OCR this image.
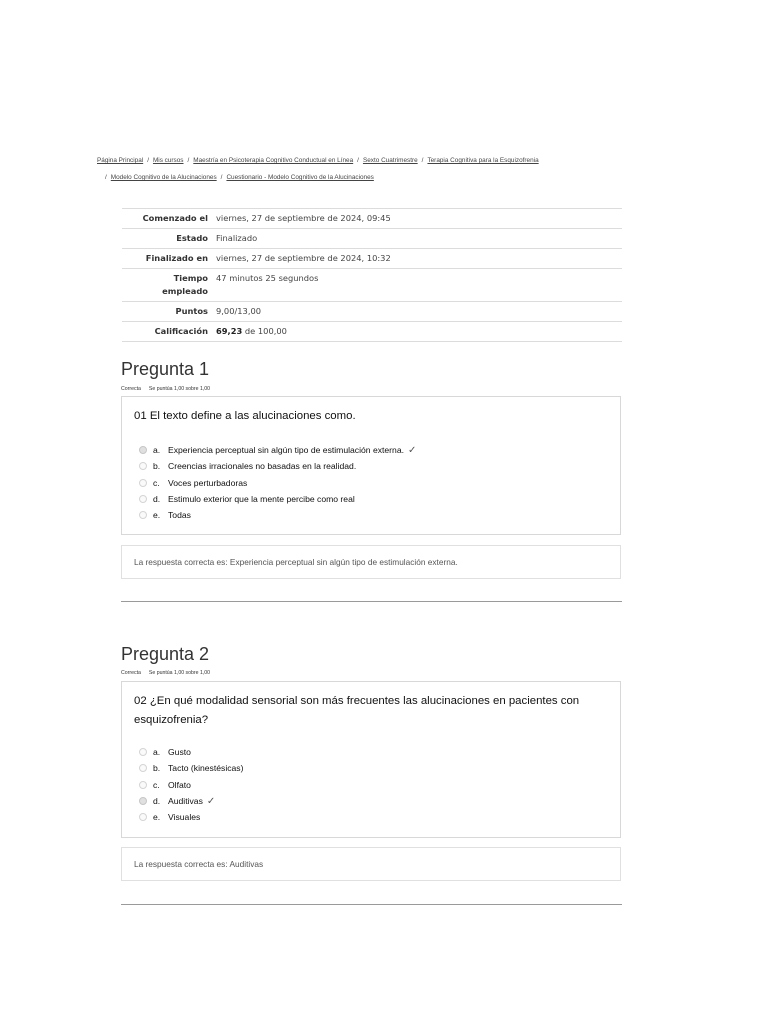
Página Principal / Mis cursos / Maestría en Psicoterapia Cognitivo Conductual en Línea / Sexto Cuatrimestre / Terapia Cognitiva para la Esquizofrenia
/ Modelo Cognitivo de la Alucinaciones / Cuestionario - Modelo Cognitivo de la Alucinaciones
Comenzado el	viernes, 27 de septiembre de 2024, 09:45
Estado	Finalizado
Finalizado en	viernes, 27 de septiembre de 2024, 10:32
Tiempo
empleado	47 minutos 25 segundos
Puntos	9,00/13,00
Calificación	69,23 de 100,00
Pregunta 1
Correcta Se puntúa 1,00 sobre 1,00
01 El texto define a las alucinaciones como.
a. Experiencia perceptual sin algún tipo de estimulación externa. ✓
b. Creencias irracionales no basadas en la realidad.
c. Voces perturbadoras
d. Estimulo exterior que la mente percibe como real
e. Todas
La respuesta correcta es: Experiencia perceptual sin algún tipo de estimulación externa.
Pregunta 2
Correcta Se puntúa 1,00 sobre 1,00
02 ¿En qué modalidad sensorial son más frecuentes las alucinaciones en pacientes con esquizofrenia?
a. Gusto
b. Tacto (kinestésicas)
c. Olfato
d. Auditivas ✓
e. Visuales
La respuesta correcta es: Auditivas
